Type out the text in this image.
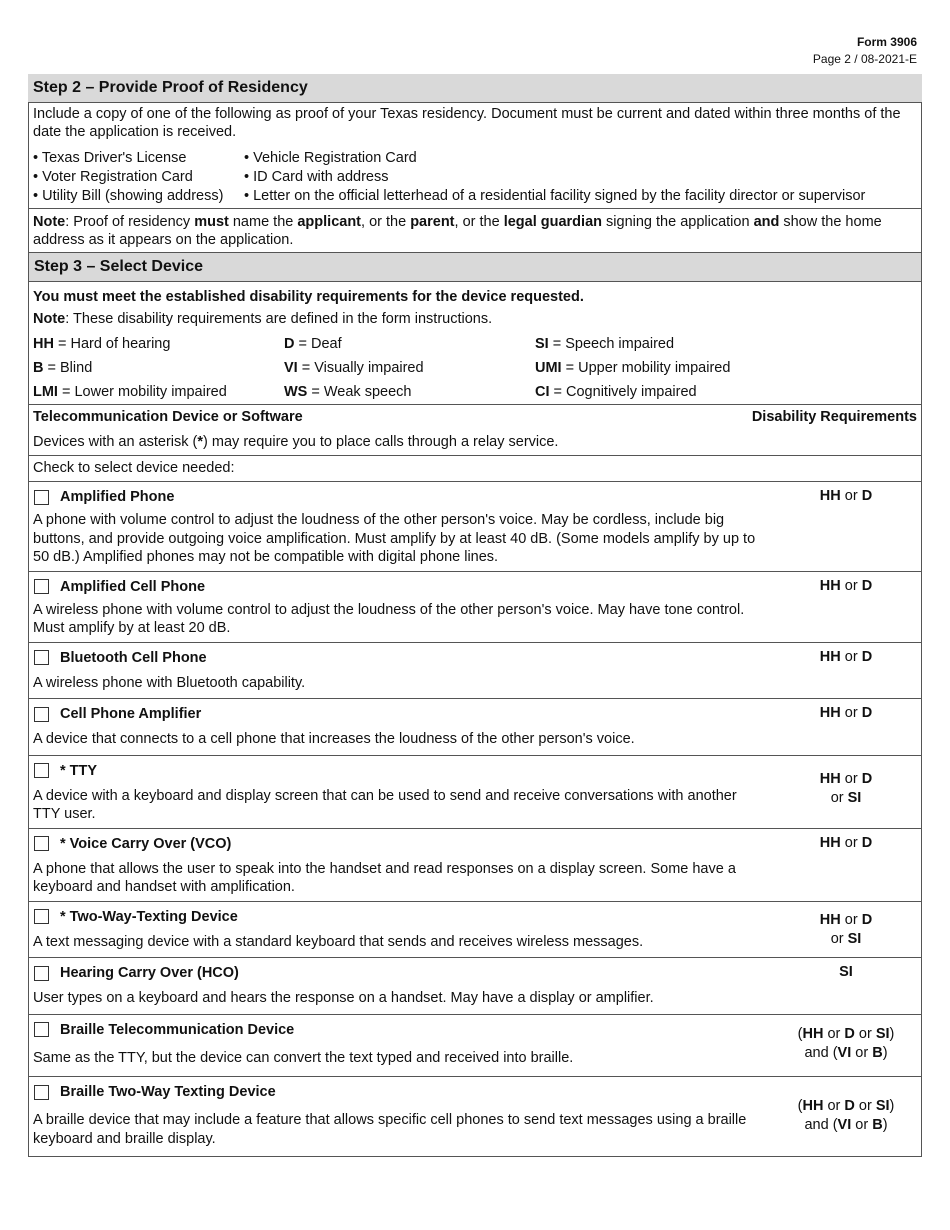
Form 3906
Page 2 / 08-2021-E
Step 2 – Provide Proof of Residency
Include a copy of one of the following as proof of your Texas residency. Document must be current and dated within three months of the date the application is received.
• Texas Driver's License
• Voter Registration Card
• Utility Bill (showing address)
• Vehicle Registration Card
• ID Card with address
• Letter on the official letterhead of a residential facility signed by the facility director or supervisor
Note: Proof of residency must name the applicant, or the parent, or the legal guardian signing the application and show the home address as it appears on the application.
Step 3 – Select Device
You must meet the established disability requirements for the device requested.
Note: These disability requirements are defined in the form instructions.
HH = Hard of hearing	D = Deaf	SI = Speech impaired
B = Blind	VI = Visually impaired	UMI = Upper mobility impaired
LMI = Lower mobility impaired	WS = Weak speech	CI = Cognitively impaired
Telecommunication Device or Software	Disability Requirements
Devices with an asterisk (*) may require you to place calls through a relay service.
Check to select device needed:
Amplified Phone
A phone with volume control to adjust the loudness of the other person's voice. May be cordless, include big buttons, and provide outgoing voice amplification. Must amplify by at least 40 dB. (Some models amplify by up to 50 dB.) Amplified phones may not be compatible with digital phone lines.
HH or D
Amplified Cell Phone
A wireless phone with volume control to adjust the loudness of the other person's voice. May have tone control. Must amplify by at least 20 dB.
HH or D
Bluetooth Cell Phone
A wireless phone with Bluetooth capability.
HH or D
Cell Phone Amplifier
A device that connects to a cell phone that increases the loudness of the other person's voice.
HH or D
* TTY
A device with a keyboard and display screen that can be used to send and receive conversations with another TTY user.
HH or D
or SI
* Voice Carry Over (VCO)
A phone that allows the user to speak into the handset and read responses on a display screen. Some have a keyboard and handset with amplification.
HH or D
* Two-Way-Texting Device
A text messaging device with a standard keyboard that sends and receives wireless messages.
HH or D
or SI
Hearing Carry Over (HCO)
User types on a keyboard and hears the response on a handset. May have a display or amplifier.
SI
Braille Telecommunication Device
Same as the TTY, but the device can convert the text typed and received into braille.
(HH or D or SI)
and (VI or B)
Braille Two-Way Texting Device
A braille device that may include a feature that allows specific cell phones to send text messages using a braille keyboard and braille display.
(HH or D or SI)
and (VI or B)
